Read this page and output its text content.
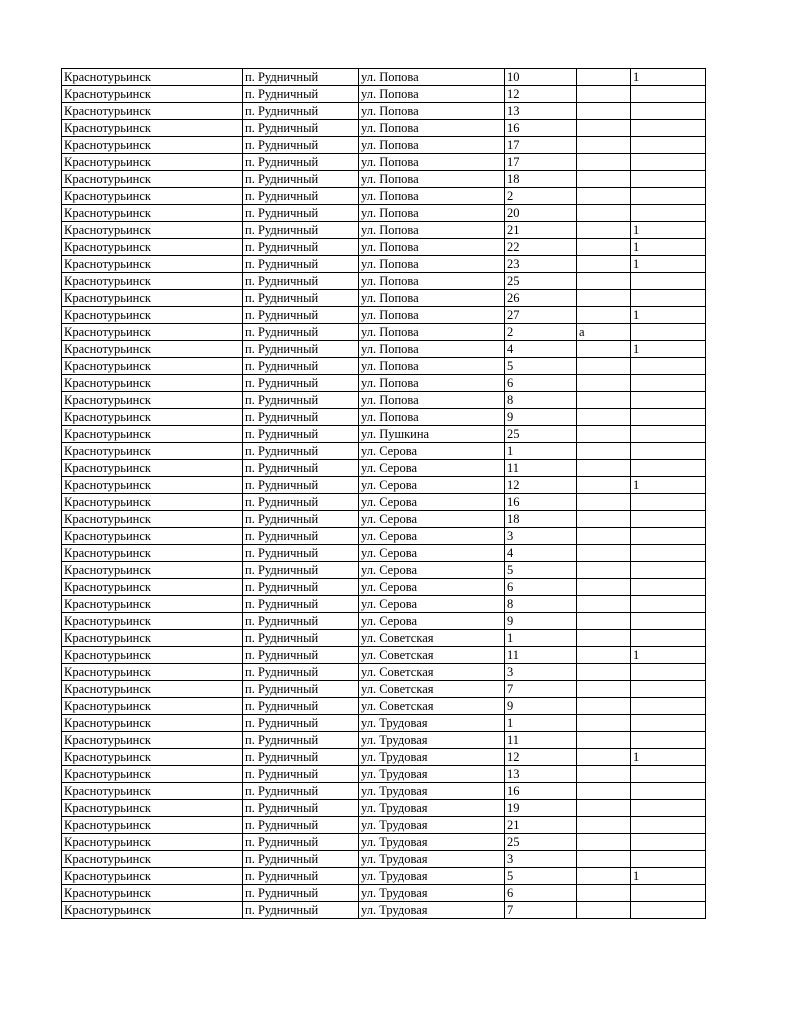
Краснотурьинск	п. Рудничный	ул. Попова	10		1
Краснотурьинск	п. Рудничный	ул. Попова	12		
Краснотурьинск	п. Рудничный	ул. Попова	13		
Краснотурьинск	п. Рудничный	ул. Попова	16		
Краснотурьинск	п. Рудничный	ул. Попова	17		
Краснотурьинск	п. Рудничный	ул. Попова	17		
Краснотурьинск	п. Рудничный	ул. Попова	18		
Краснотурьинск	п. Рудничный	ул. Попова	2		
Краснотурьинск	п. Рудничный	ул. Попова	20		
Краснотурьинск	п. Рудничный	ул. Попова	21		1
Краснотурьинск	п. Рудничный	ул. Попова	22		1
Краснотурьинск	п. Рудничный	ул. Попова	23		1
Краснотурьинск	п. Рудничный	ул. Попова	25		
Краснотурьинск	п. Рудничный	ул. Попова	26		
Краснотурьинск	п. Рудничный	ул. Попова	27		1
Краснотурьинск	п. Рудничный	ул. Попова	2	а	
Краснотурьинск	п. Рудничный	ул. Попова	4		1
Краснотурьинск	п. Рудничный	ул. Попова	5		
Краснотурьинск	п. Рудничный	ул. Попова	6		
Краснотурьинск	п. Рудничный	ул. Попова	8		
Краснотурьинск	п. Рудничный	ул. Попова	9		
Краснотурьинск	п. Рудничный	ул. Пушкина	25		
Краснотурьинск	п. Рудничный	ул. Серова	1		
Краснотурьинск	п. Рудничный	ул. Серова	11		
Краснотурьинск	п. Рудничный	ул. Серова	12		1
Краснотурьинск	п. Рудничный	ул. Серова	16		
Краснотурьинск	п. Рудничный	ул. Серова	18		
Краснотурьинск	п. Рудничный	ул. Серова	3		
Краснотурьинск	п. Рудничный	ул. Серова	4		
Краснотурьинск	п. Рудничный	ул. Серова	5		
Краснотурьинск	п. Рудничный	ул. Серова	6		
Краснотурьинск	п. Рудничный	ул. Серова	8		
Краснотурьинск	п. Рудничный	ул. Серова	9		
Краснотурьинск	п. Рудничный	ул. Советская	1		
Краснотурьинск	п. Рудничный	ул. Советская	11		1
Краснотурьинск	п. Рудничный	ул. Советская	3		
Краснотурьинск	п. Рудничный	ул. Советская	7		
Краснотурьинск	п. Рудничный	ул. Советская	9		
Краснотурьинск	п. Рудничный	ул. Трудовая	1		
Краснотурьинск	п. Рудничный	ул. Трудовая	11		
Краснотурьинск	п. Рудничный	ул. Трудовая	12		1
Краснотурьинск	п. Рудничный	ул. Трудовая	13		
Краснотурьинск	п. Рудничный	ул. Трудовая	16		
Краснотурьинск	п. Рудничный	ул. Трудовая	19		
Краснотурьинск	п. Рудничный	ул. Трудовая	21		
Краснотурьинск	п. Рудничный	ул. Трудовая	25		
Краснотурьинск	п. Рудничный	ул. Трудовая	3		
Краснотурьинск	п. Рудничный	ул. Трудовая	5		1
Краснотурьинск	п. Рудничный	ул. Трудовая	6		
Краснотурьинск	п. Рудничный	ул. Трудовая	7		
